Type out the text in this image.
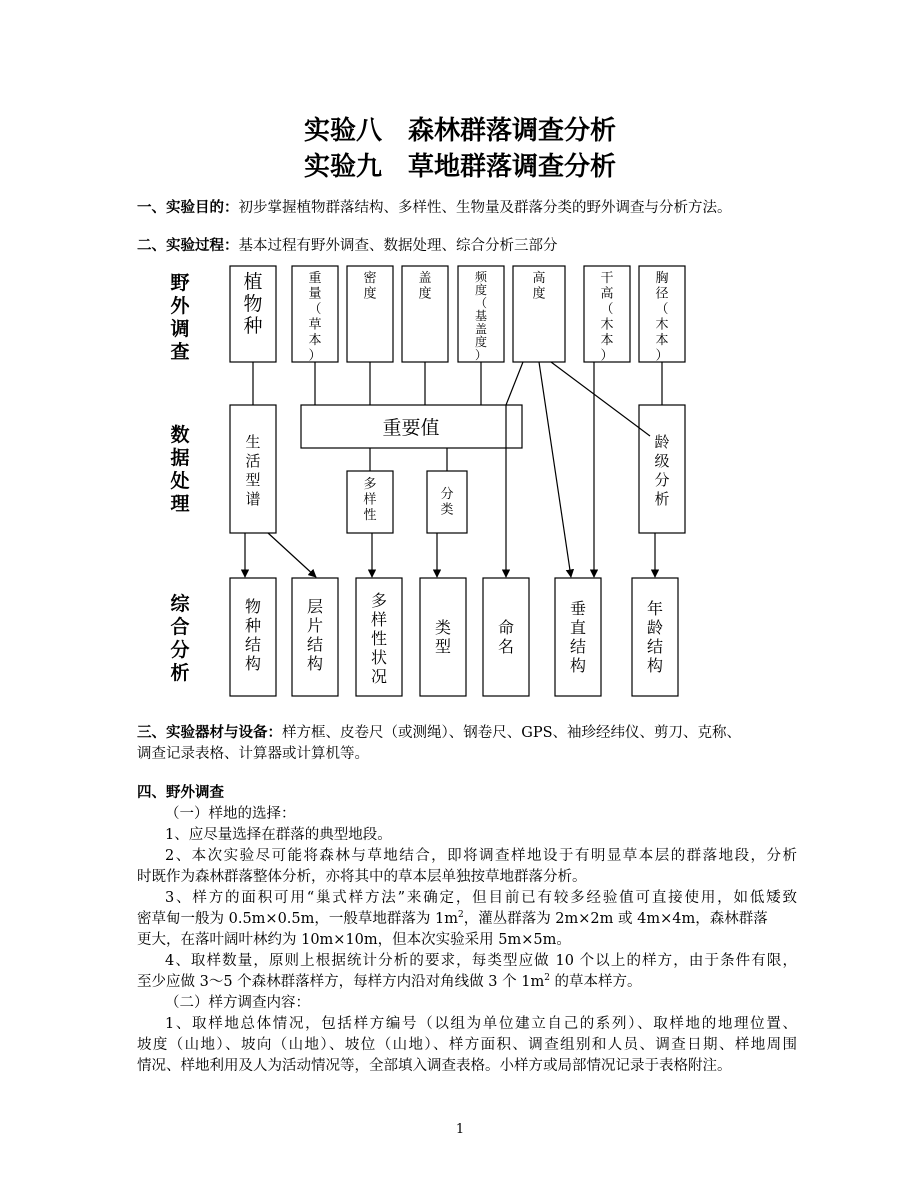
实验八　森林群落调查分析
实验九　草地群落调查分析
一、实验目的：初步掌握植物群落结构、多样性、生物量及群落分类的野外调查与分析方法。
二、实验过程：基本过程有野外调查、数据处理、综合分析三部分
野外调查
数据处理
综合分析
植物种
重量（草本）
密度
盖度
频度（基盖度）
高度
干高（木本）
胸径（木本）
生活型谱
多样性
分类
龄级分析
物种结构
层片结构
多样性状况
类型
命名
垂直结构
年龄结构
重要值
三、实验器材与设备：样方框、皮卷尺（或测绳）、钢卷尺、GPS、袖珍经纬仪、剪刀、克称、
调查记录表格、计算器或计算机等。
四、野外调查
（一）样地的选择：
1、应尽量选择在群落的典型地段。
2、本次实验尽可能将森林与草地结合，即将调查样地设于有明显草本层的群落地段，分析
时既作为森林群落整体分析，亦将其中的草本层单独按草地群落分析。
3、样方的面积可用“巢式样方法”来确定，但目前已有较多经验值可直接使用，如低矮致
密草甸一般为 0.5m×0.5m，一般草地群落为 $1m^2$，灌丛群落为 2m×2m 或 4m×4m，森林群落
更大，在落叶阔叶林约为 10m×10m，但本次实验采用 5m×5m。
4、取样数量，原则上根据统计分析的要求，每类型应做 10 个以上的样方，由于条件有限，
至少应做 3～5 个森林群落样方，每样方内沿对角线做 3 个 $1m^2$ 的草本样方。
（二）样方调查内容：
1、取样地总体情况，包括样方编号（以组为单位建立自己的系列）、取样地的地理位置、
坡度（山地）、坡向（山地）、坡位（山地）、样方面积、调查组别和人员、调查日期、样地周围
情况、样地利用及人为活动情况等，全部填入调查表格。小样方或局部情况记录于表格附注。
1
